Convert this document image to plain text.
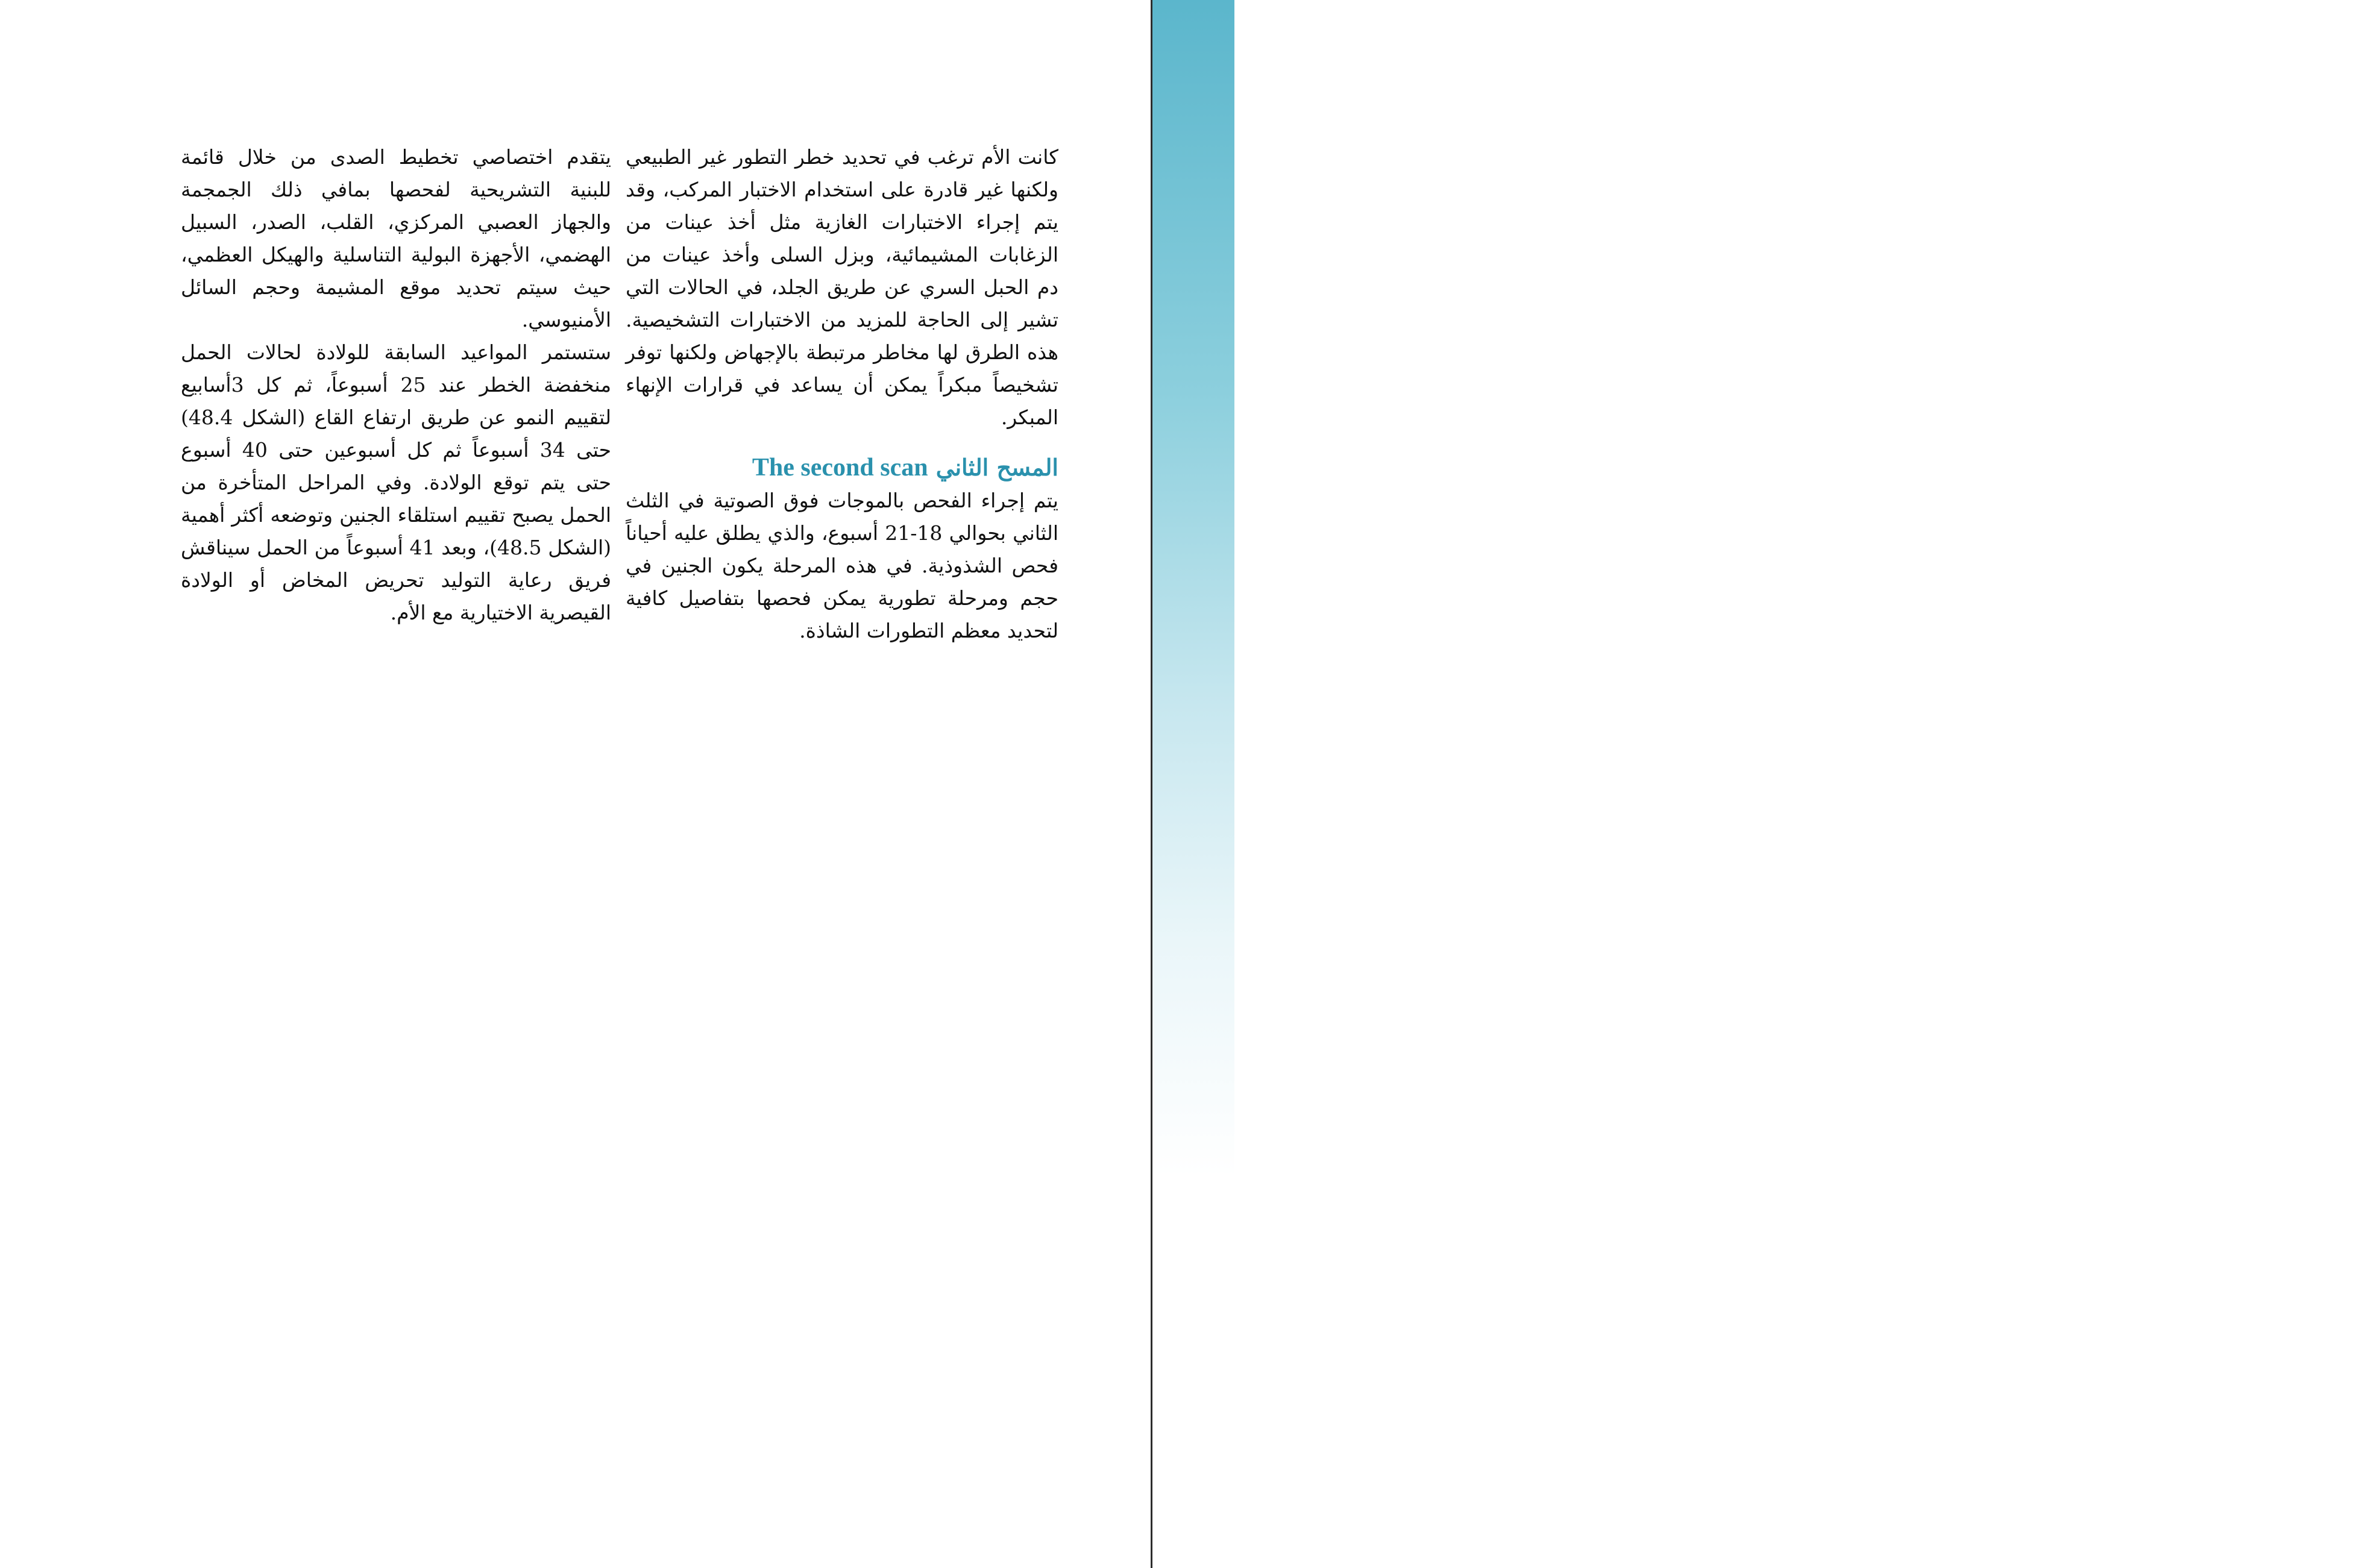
133
الفصل 48 الفحص السابق للولادة

كانت الأم ترغب في تحديد خطر التطور غير الطبيعي ولكنها غير قادرة على استخدام الاختبار المركب، وقد يتم إجراء الاختبارات الغازية مثل أخذ عينات من الزغابات المشيمائية، وبزل السلى وأخذ عينات من دم الحبل السري عن طريق الجلد، في الحالات التي تشير إلى الحاجة للمزيد من الاختبارات التشخيصية. هذه الطرق لها مخاطر مرتبطة بالإجهاض ولكنها توفر تشخيصاً مبكراً يمكن أن يساعد في قرارات الإنهاء المبكر.

المسح الثاني The second scan

يتم إجراء الفحص بالموجات فوق الصوتية في الثلث الثاني بحوالي 18-21 أسبوع، والذي يطلق عليه أحياناً فحص الشذوذية. في هذه المرحلة يكون الجنين في حجم ومرحلة تطورية يمكن فحصها بتفاصيل كافية لتحديد معظم التطورات الشاذة.

يتقدم اختصاصي تخطيط الصدى من خلال قائمة للبنية التشريحية لفحصها بمافي ذلك الجمجمة والجهاز العصبي المركزي، القلب، الصدر، السبيل الهضمي، الأجهزة البولية التناسلية والهيكل العظمي، حيث سيتم تحديد موقع المشيمة وحجم السائل الأمنيوسي.

ستستمر المواعيد السابقة للولادة لحالات الحمل منخفضة الخطر عند 25 أسبوعاً، ثم كل 3أسابيع لتقييم النمو عن طريق ارتفاع القاع (الشكل 48.4) حتى 34 أسبوعاً ثم كل أسبوعين حتى 40 أسبوع حتى يتم توقع الولادة. وفي المراحل المتأخرة من الحمل يصبح تقييم استلقاء الجنين وتوضعه أكثر أهمية (الشكل 48.5)، وبعد 41 أسبوعاً من الحمل سيناقش فريق رعاية التوليد تحريض المخاض أو الولادة القيصرية الاختيارية مع الأم.
